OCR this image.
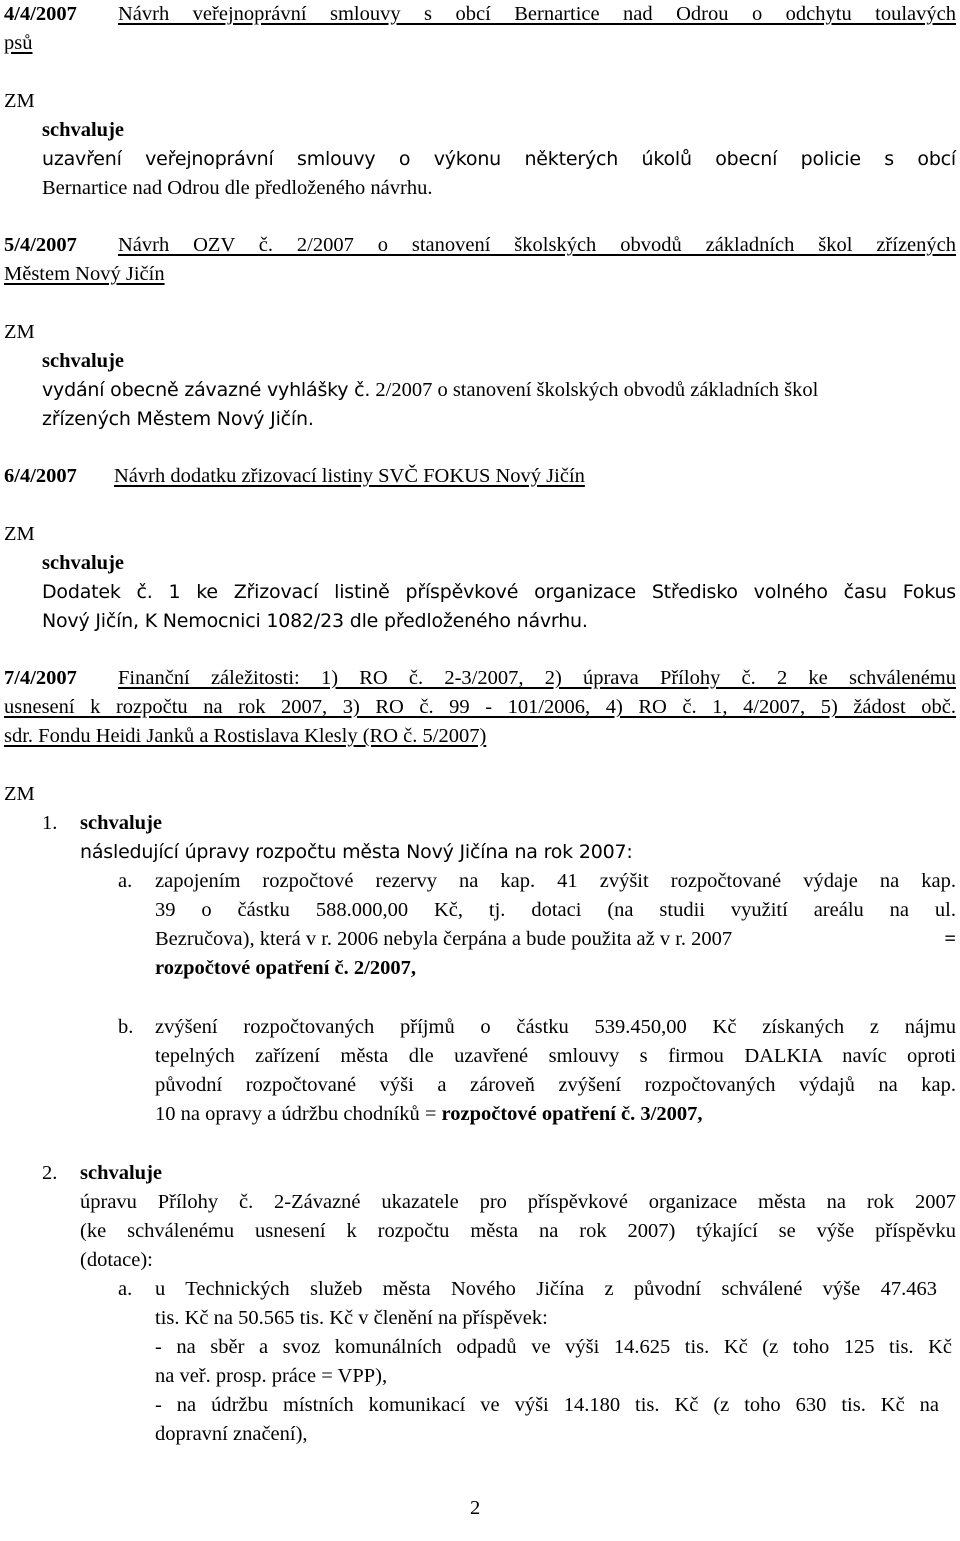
4/4/2007 Návrh veřejnoprávní smlouvy s obcí Bernartice nad Odrou o odchytu toulavých
psů
ZM
schvaluje
uzavření veřejnoprávní smlouvy o výkonu některých úkolů obecní policie s obcí
Bernartice nad Odrou dle předloženého návrhu.
5/4/2007 Návrh OZV č. 2/2007 o stanovení školských obvodů základních škol zřízených
Městem Nový Jičín
ZM
schvaluje
vydání obecně závazné vyhlášky č. 2/2007 o stanovení školských obvodů základních škol
zřízených Městem Nový Jičín.
6/4/2007 Návrh dodatku zřizovací listiny SVČ FOKUS Nový Jičín
ZM
schvaluje
Dodatek č. 1 ke Zřizovací listině příspěvkové organizace Středisko volného času Fokus
Nový Jičín, K Nemocnici 1082/23 dle předloženého návrhu.
7/4/2007 Finanční záležitosti: 1) RO č. 2-3/2007, 2) úprava Přílohy č. 2 ke schválenému
usnesení k rozpočtu na rok 2007, 3) RO č. 99 - 101/2006, 4) RO č. 1, 4/2007, 5) žádost obč.
sdr. Fondu Heidi Janků a Rostislava Klesly (RO č. 5/2007)
ZM
1. schvaluje
následující úpravy rozpočtu města Nový Jičína na rok 2007:
a. zapojením rozpočtové rezervy na kap. 41 zvýšit rozpočtované výdaje na kap.
39 o částku 588.000,00 Kč, tj. dotaci (na studii využití areálu na ul.
Bezručova), která v r. 2006 nebyla čerpána a bude použita až v r. 2007	=
rozpočtové opatření č. 2/2007,
b. zvýšení rozpočtovaných příjmů o částku 539.450,00 Kč získaných z nájmu
tepelných zařízení města dle uzavřené smlouvy s firmou DALKIA navíc oproti
původní rozpočtované výši a zároveň zvýšení rozpočtovaných výdajů na kap.
10 na opravy a údržbu chodníků = rozpočtové opatření č. 3/2007,
2. schvaluje
úpravu Přílohy č. 2-Závazné ukazatele pro příspěvkové organizace města na rok 2007
(ke schválenému usnesení k rozpočtu města na rok 2007) týkající se výše příspěvku
(dotace):
a. u Technických služeb města Nového Jičína z původní schválené výše 47.463
tis. Kč na 50.565 tis. Kč v členění na příspěvek:
- na sběr a svoz komunálních odpadů ve výši 14.625 tis. Kč (z toho 125 tis. Kč
na veř. prosp. práce = VPP),
- na údržbu místních komunikací ve výši 14.180 tis. Kč (z toho 630 tis. Kč na
dopravní značení),
2
